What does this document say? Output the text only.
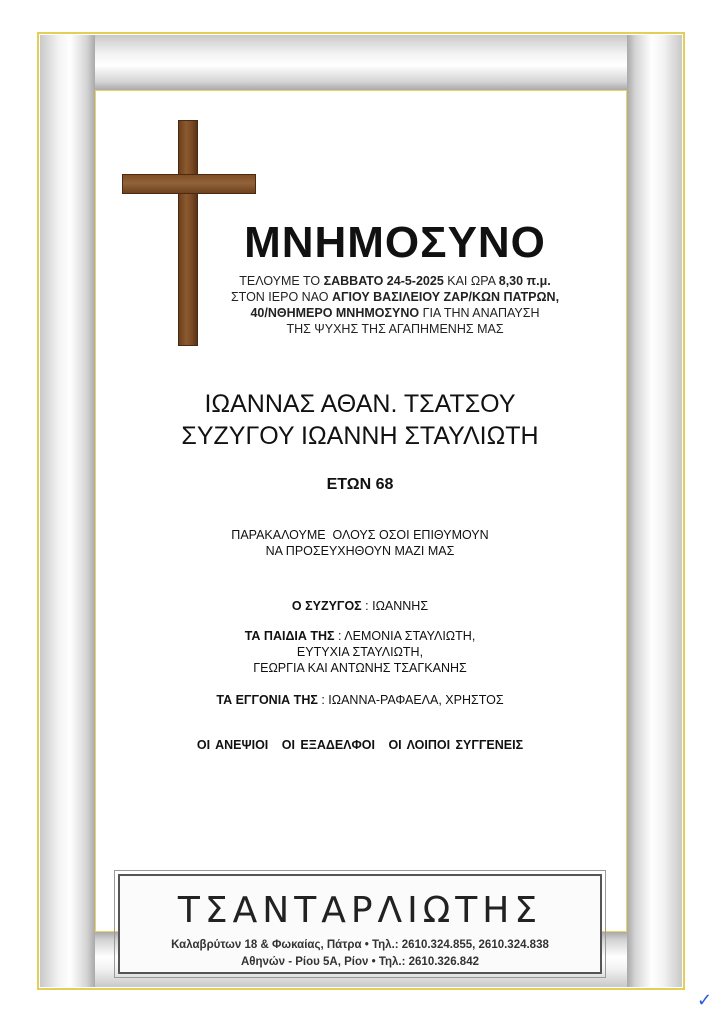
ΜΝΗΜΟΣΥΝΟ
ΤΕΛΟΥΜΕ ΤΟ ΣΑΒΒΑΤΟ 24-5-2025 ΚΑΙ ΩΡΑ 8,30 π.μ.
ΣΤΟΝ ΙΕΡΟ ΝΑΟ ΑΓΙΟΥ ΒΑΣΙΛΕΙΟΥ ΖΑΡ/ΚΩΝ ΠΑΤΡΩΝ,
40/ΝΘΗΜΕΡΟ ΜΝΗΜΟΣΥΝΟ ΓΙΑ ΤΗΝ ΑΝΑΠΑΥΣΗ
ΤΗΣ ΨΥΧΗΣ ΤΗΣ ΑΓΑΠΗΜΕΝΗΣ ΜΑΣ
ΙΩΑΝΝΑΣ ΑΘΑΝ. ΤΣΑΤΣΟΥ
ΣΥΖΥΓΟΥ ΙΩΑΝΝΗ ΣΤΑΥΛΙΩΤΗ
ΕΤΩΝ 68
ΠΑΡΑΚΑΛΟΥΜΕ  ΟΛΟΥΣ ΟΣΟΙ ΕΠΙΘΥΜΟΥΝ
ΝΑ ΠΡΟΣΕΥΧΗΘΟΥΝ ΜΑΖΙ ΜΑΣ
Ο ΣΥΖΥΓΟΣ : ΙΩΑΝΝΗΣ
ΤΑ ΠΑΙΔΙΑ ΤΗΣ : ΛΕΜΟΝΙΑ ΣΤΑΥΛΙΩΤΗ,
ΕΥΤΥΧΙΑ ΣΤΑΥΛΙΩΤΗ,
ΓΕΩΡΓΙΑ ΚΑΙ ΑΝΤΩΝΗΣ ΤΣΑΓΚΑΝΗΣ
ΤΑ ΕΓΓΟΝΙΑ ΤΗΣ : ΙΩΑΝΝΑ-ΡΑΦΑΕΛΑ, ΧΡΗΣΤΟΣ
ΟΙ ΑΝΕΨΙΟΙ ΟΙ ΕΞΑΔΕΛΦΟΙ ΟΙ ΛΟΙΠΟΙ ΣΥΓΓΕΝΕΙΣ
ΤΣΑΝΤΑΡΛΙΩΤΗΣ
Καλαβρύτων 18 & Φωκαίας, Πάτρα • Τηλ.: 2610.324.855, 2610.324.838
Αθηνών - Ρίου 5Α, Ρίον • Τηλ.: 2610.326.842
✓
